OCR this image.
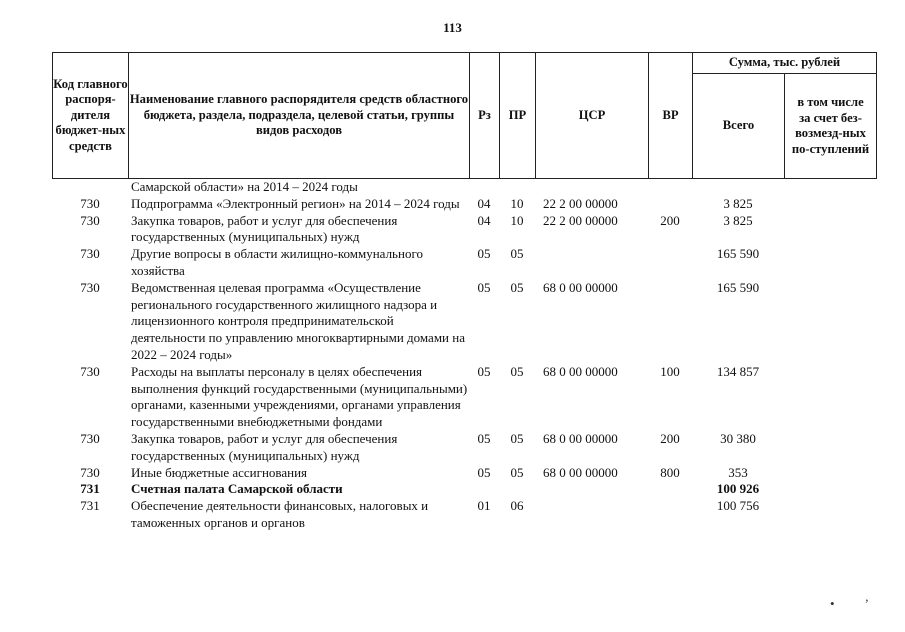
113
Код главного распоря-дителя бюджет-ных средств	Наименование главного распорядителя средств областного бюджета, раздела, подраздела, целевой статьи, группы видов расходов	Рз	ПР	ЦСР	ВР	Сумма, тыс. рублей	
						Всего	в том числе за счет без-возмезд-ных по-ступлений
	Самарской области» на 2014 – 2024 годы						
730	Подпрограмма «Электронный регион» на 2014 – 2024 годы	04	10	22 2 00 00000		3 825	
730	Закупка товаров, работ и услуг для обеспечения государственных (муниципальных) нужд	04	10	22 2 00 00000	200	3 825	
730	Другие вопросы в области жилищно-коммунального хозяйства	05	05			165 590	
730	Ведомственная целевая программа «Осуществление регионального государственного жилищного надзора и лицензионного контроля предпринимательской деятельности по управлению многоквартирными домами на 2022 – 2024 годы»	05	05	68 0 00 00000		165 590	
730	Расходы на выплаты персоналу в целях обеспечения выполнения функций государственными (муниципальными) органами, казенными учреждениями, органами управления государственными внебюджетными фондами	05	05	68 0 00 00000	100	134 857	
730	Закупка товаров, работ и услуг для обеспечения государственных (муниципальных) нужд	05	05	68 0 00 00000	200	30 380	
730	Иные бюджетные ассигнования	05	05	68 0 00 00000	800	353	
731	Счетная палата Самарской области					100 926	
731	Обеспечение деятельности финансовых, налоговых и таможенных органов и органов	01	06			100 756	
• ’
